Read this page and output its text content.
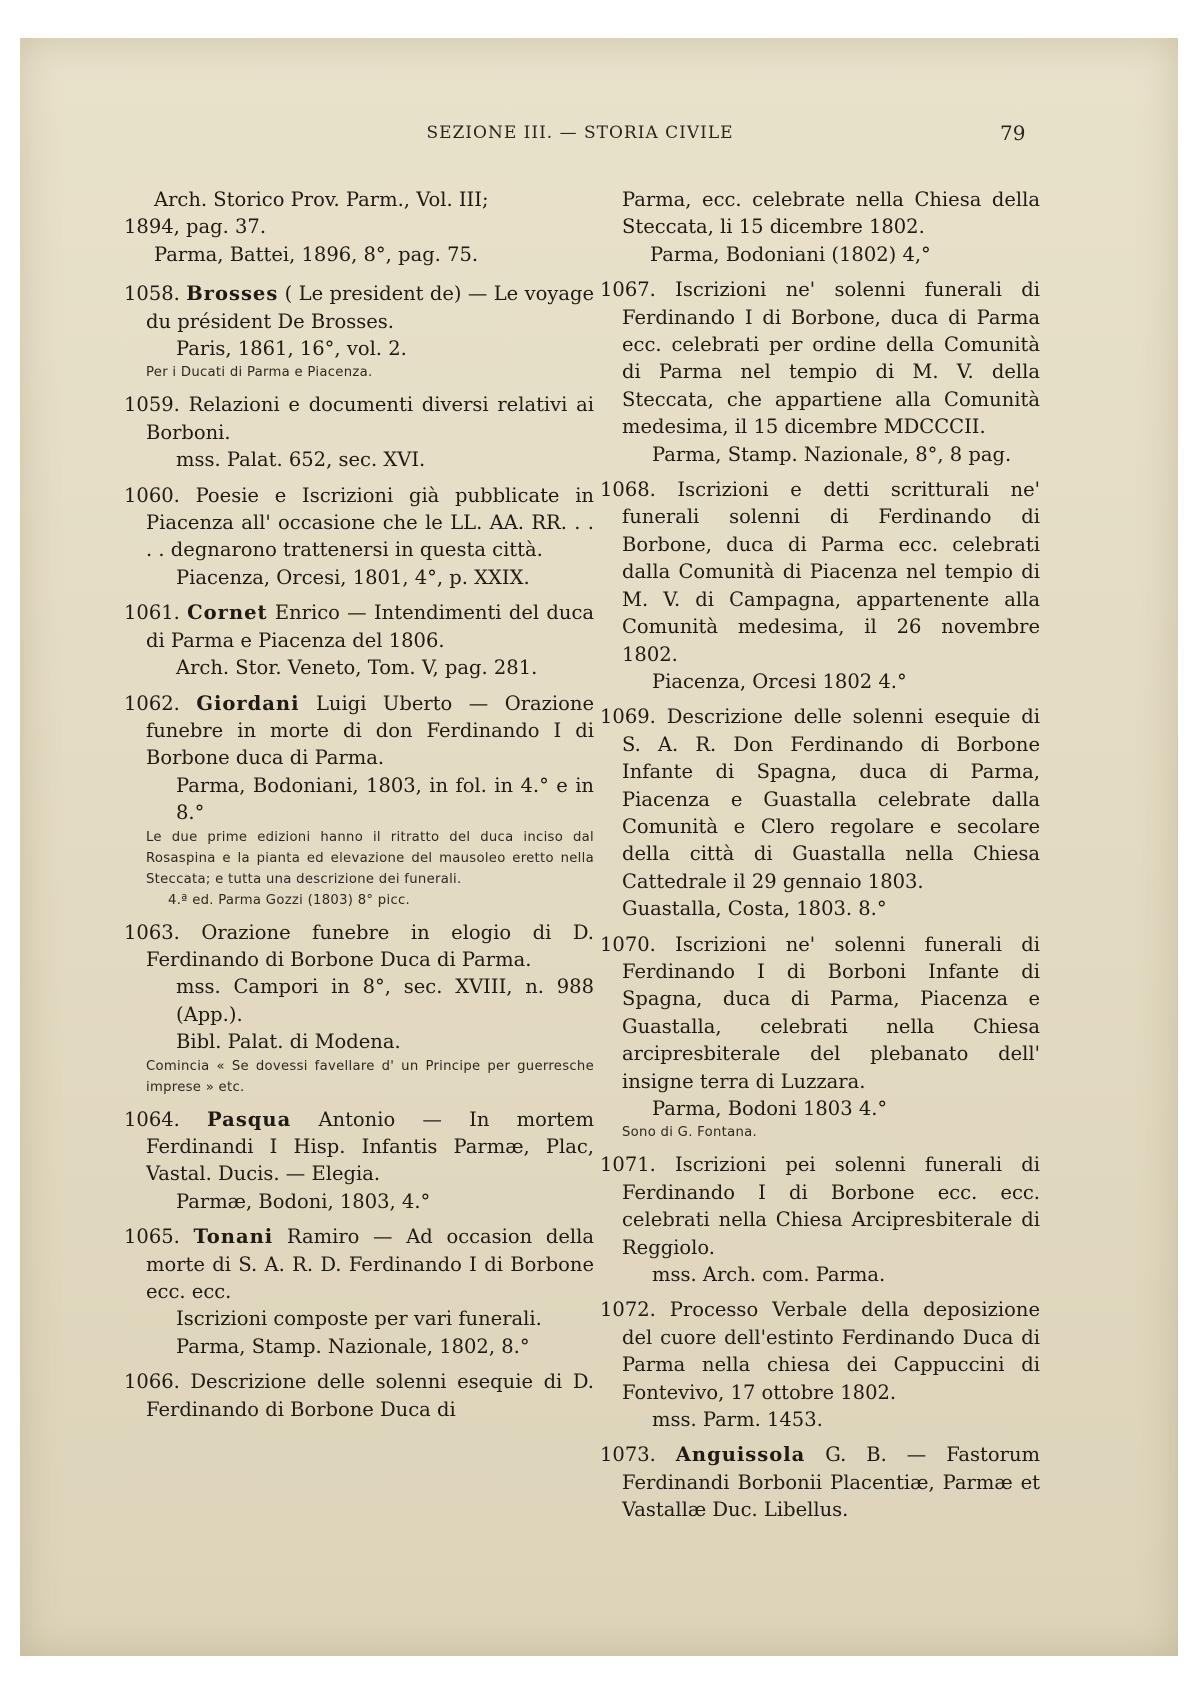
SEZIONE III. — STORIA CIVILE	79
Arch. Storico Prov. Parm., Vol. III;
1894, pag. 37.
Parma, Battei, 1896, 8°, pag. 75.
1058. Brosses ( Le president de) — Le voyage du président De Brosses.
Paris, 1861, 16°, vol. 2.
Per i Ducati di Parma e Piacenza.
1059. Relazioni e documenti diversi relativi ai Borboni.
mss. Palat. 652, sec. XVI.
1060. Poesie e Iscrizioni già pubblicate in Piacenza all' occasione che le LL. AA. RR. . . . . degnarono trattenersi in questa città.
Piacenza, Orcesi, 1801, 4°, p. XXIX.
1061. Cornet Enrico — Intendimenti del duca di Parma e Piacenza del 1806.
Arch. Stor. Veneto, Tom. V, pag. 281.
1062. Giordani Luigi Uberto — Orazione funebre in morte di don Ferdinando I di Borbone duca di Parma.
Parma, Bodoniani, 1803, in fol. in 4.° e in 8.°
Le due prime edizioni hanno il ritratto del duca inciso dal Rosaspina e la pianta ed elevazione del mausoleo eretto nella Steccata; e tutta una descrizione dei funerali.
4.ª ed. Parma Gozzi (1803) 8° picc.
1063. Orazione funebre in elogio di D. Ferdinando di Borbone Duca di Parma.
mss. Campori in 8°, sec. XVIII, n. 988 (App.).
Bibl. Palat. di Modena.
Comincia « Se dovessi favellare d' un Principe per guerresche imprese » etc.
1064. Pasqua Antonio — In mortem Ferdinandi I Hisp. Infantis Parmæ, Plac, Vastal. Ducis. — Elegia.
Parmæ, Bodoni, 1803, 4.°
1065. Tonani Ramiro — Ad occasion della morte di S. A. R. D. Ferdinando I di Borbone ecc. ecc.
Iscrizioni composte per vari funerali.
Parma, Stamp. Nazionale, 1802, 8.°
1066. Descrizione delle solenni esequie di D. Ferdinando di Borbone Duca di
Parma, ecc. celebrate nella Chiesa della Steccata, li 15 dicembre 1802.
Parma, Bodoniani (1802) 4,°
1067. Iscrizioni ne' solenni funerali di Ferdinando I di Borbone, duca di Parma ecc. celebrati per ordine della Comunità di Parma nel tempio di M. V. della Steccata, che appartiene alla Comunità medesima, il 15 dicembre MDCCCII.
Parma, Stamp. Nazionale, 8°, 8 pag.
1068. Iscrizioni e detti scritturali ne' funerali solenni di Ferdinando di Borbone, duca di Parma ecc. celebrati dalla Comunità di Piacenza nel tempio di M. V. di Campagna, appartenente alla Comunità medesima, il 26 novembre 1802.
Piacenza, Orcesi 1802 4.°
1069. Descrizione delle solenni esequie di S. A. R. Don Ferdinando di Borbone Infante di Spagna, duca di Parma, Piacenza e Guastalla celebrate dalla Comunità e Clero regolare e secolare della città di Guastalla nella Chiesa Cattedrale il 29 gennaio 1803.
Guastalla, Costa, 1803. 8.°
1070. Iscrizioni ne' solenni funerali di Ferdinando I di Borboni Infante di Spagna, duca di Parma, Piacenza e Guastalla, celebrati nella Chiesa arcipresbiterale del plebanato dell' insigne terra di Luzzara.
Parma, Bodoni 1803 4.°
Sono di G. Fontana.
1071. Iscrizioni pei solenni funerali di Ferdinando I di Borbone ecc. ecc. celebrati nella Chiesa Arcipresbiterale di Reggiolo.
mss. Arch. com. Parma.
1072. Processo Verbale della deposizione del cuore dell'estinto Ferdinando Duca di Parma nella chiesa dei Cappuccini di Fontevivo, 17 ottobre 1802.
mss. Parm. 1453.
1073. Anguissola G. B. — Fastorum Ferdinandi Borbonii Placentiæ, Parmæ et Vastallæ Duc. Libellus.
